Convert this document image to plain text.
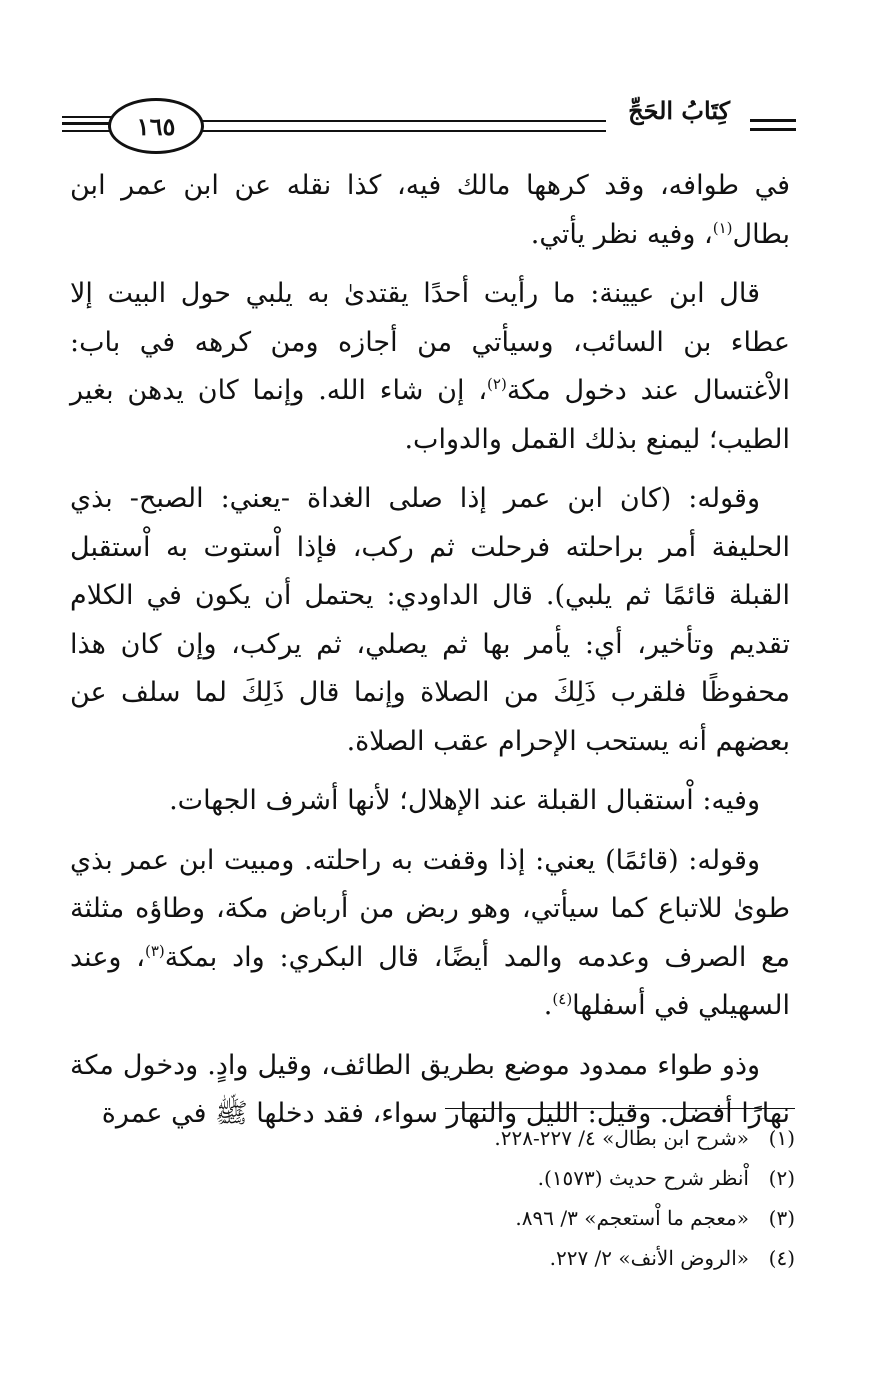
١٦٥
كِتَابُ الحَجِّ

في طوافه، وقد كرهها مالك فيه، كذا نقله عن ابن عمر ابن بطال$^{(١)}$، وفيه نظر يأتي.

قال ابن عيينة: ما رأيت أحدًا يقتدىٰ به يلبي حول البيت إلا عطاء بن السائب، وسيأتي من أجازه ومن كرهه في باب: الاْغتسال عند دخول مكة$^{(٢)}$، إن شاء الله. وإنما كان يدهن بغير الطيب؛ ليمنع بذلك القمل والدواب.

وقوله: (كان ابن عمر إذا صلى الغداة -يعني: الصبح- بذي الحليفة أمر براحلته فرحلت ثم ركب، فإذا اْستوت به اْستقبل القبلة قائمًا ثم يلبي). قال الداودي: يحتمل أن يكون في الكلام تقديم وتأخير، أي: يأمر بها ثم يصلي، ثم يركب، وإن كان هذا محفوظًا فلقرب ذَلِكَ من الصلاة وإنما قال ذَلِكَ لما سلف عن بعضهم أنه يستحب الإحرام عقب الصلاة.

وفيه: اْستقبال القبلة عند الإهلال؛ لأنها أشرف الجهات.

وقوله: (قائمًا) يعني: إذا وقفت به راحلته. ومبيت ابن عمر بذي طوىٰ للاتباع كما سيأتي، وهو ربض من أرباض مكة، وطاؤه مثلثة مع الصرف وعدمه والمد أيضًا، قال البكري: واد بمكة$^{(٣)}$، وعند السهيلي في أسفلها$^{(٤)}$.

وذو طواء ممدود موضع بطريق الطائف، وقيل وادٍ. ودخول مكة نهارًا أفضل. وقيل: الليل والنهار سواء، فقد دخلها ﷺ في عمرة

(١)«شرح ابن بطال» ٤/ ٢٢٧-٢٢٨.
(٢)اْنظر شرح حديث (١٥٧٣).
(٣)«معجم ما اْستعجم» ٣/ ٨٩٦.
(٤)«الروض الأنف» ٢/ ٢٢٧.
